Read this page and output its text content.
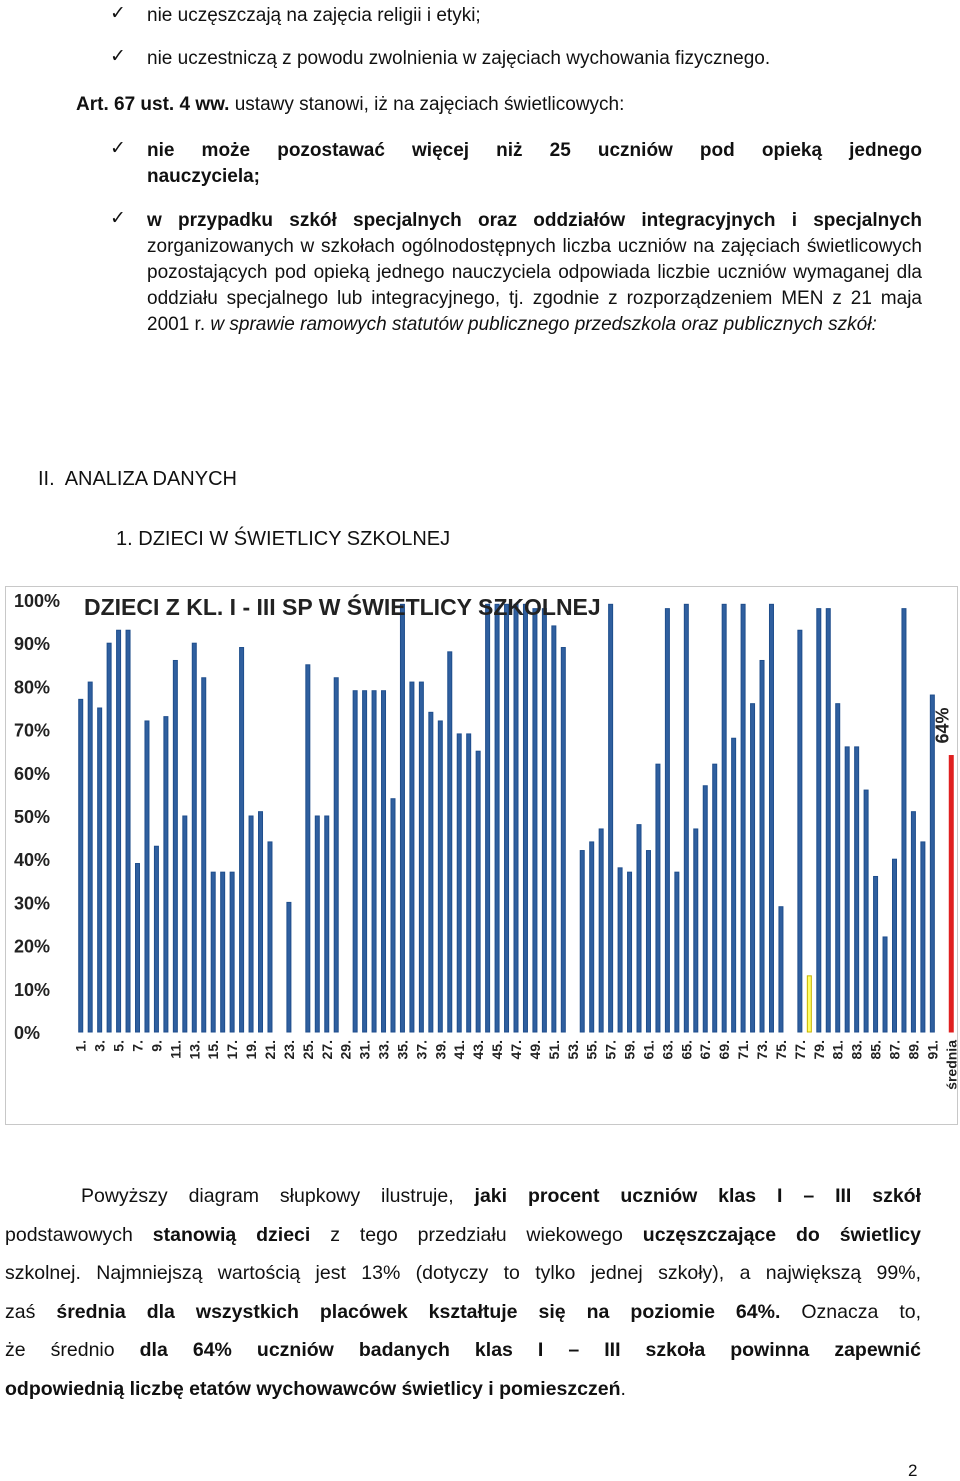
✓ nie uczęszczają na zajęcia religii i etyki;
✓ nie uczestniczą z powodu zwolnienia w zajęciach wychowania fizycznego.
Art. 67 ust. 4 ww. ustawy stanowi, iż na zajęciach świetlicowych:
✓ nie może pozostawać więcej niż 25 uczniów pod opieką jednego
nauczyciela;
✓ w przypadku szkół specjalnych oraz oddziałów integracyjnych i specjalnych zorganizowanych w szkołach ogólnodostępnych liczba uczniów na zajęciach świetlicowych pozostających pod opieką jednego nauczyciela odpowiada liczbie uczniów wymaganej dla oddziału specjalnego lub integracyjnego, tj. zgodnie z rozporządzeniem MEN z 21 maja 2001 r. w sprawie ramowych statutów publicznego przedszkola oraz publicznych szkół:
II. ANALIZA DANYCH
1. DZIECI W ŚWIETLICY SZKOLNEJ
0%
10%
20%
30%
40%
50%
60%
70%
80%
90%
100%
64%
1. 3. 5. 7. 9. 11. 13. 15. 17. 19. 21. 23. 25. 27. 29. 31. 33. 35. 37. 39. 41. 43. 45. 47. 49. 51. 53. 55. 57. 59. 61. 63. 65. 67. 69. 71. 73. 75. 77. 79. 81. 83. 85. 87. 89. 91. średnia
DZIECI Z KL. I - III SP W ŚWIETLICY SZKOLNEJ

Powyższy diagram słupkowy ilustruje, jaki procent uczniów klas I – III szkół

podstawowych stanowią dzieci z tego przedziału wiekowego uczęszczające do świetlicy

szkolnej. Najmniejszą wartością jest 13% (dotyczy to tylko jednej szkoły), a największą 99%,

zaś średnia dla wszystkich placówek kształtuje się na poziomie 64%. Oznacza to,

że średnio dla 64% uczniów badanych klas I – III szkoła powinna zapewnić

odpowiednią liczbę etatów wychowawców świetlicy i pomieszczeń.

2
